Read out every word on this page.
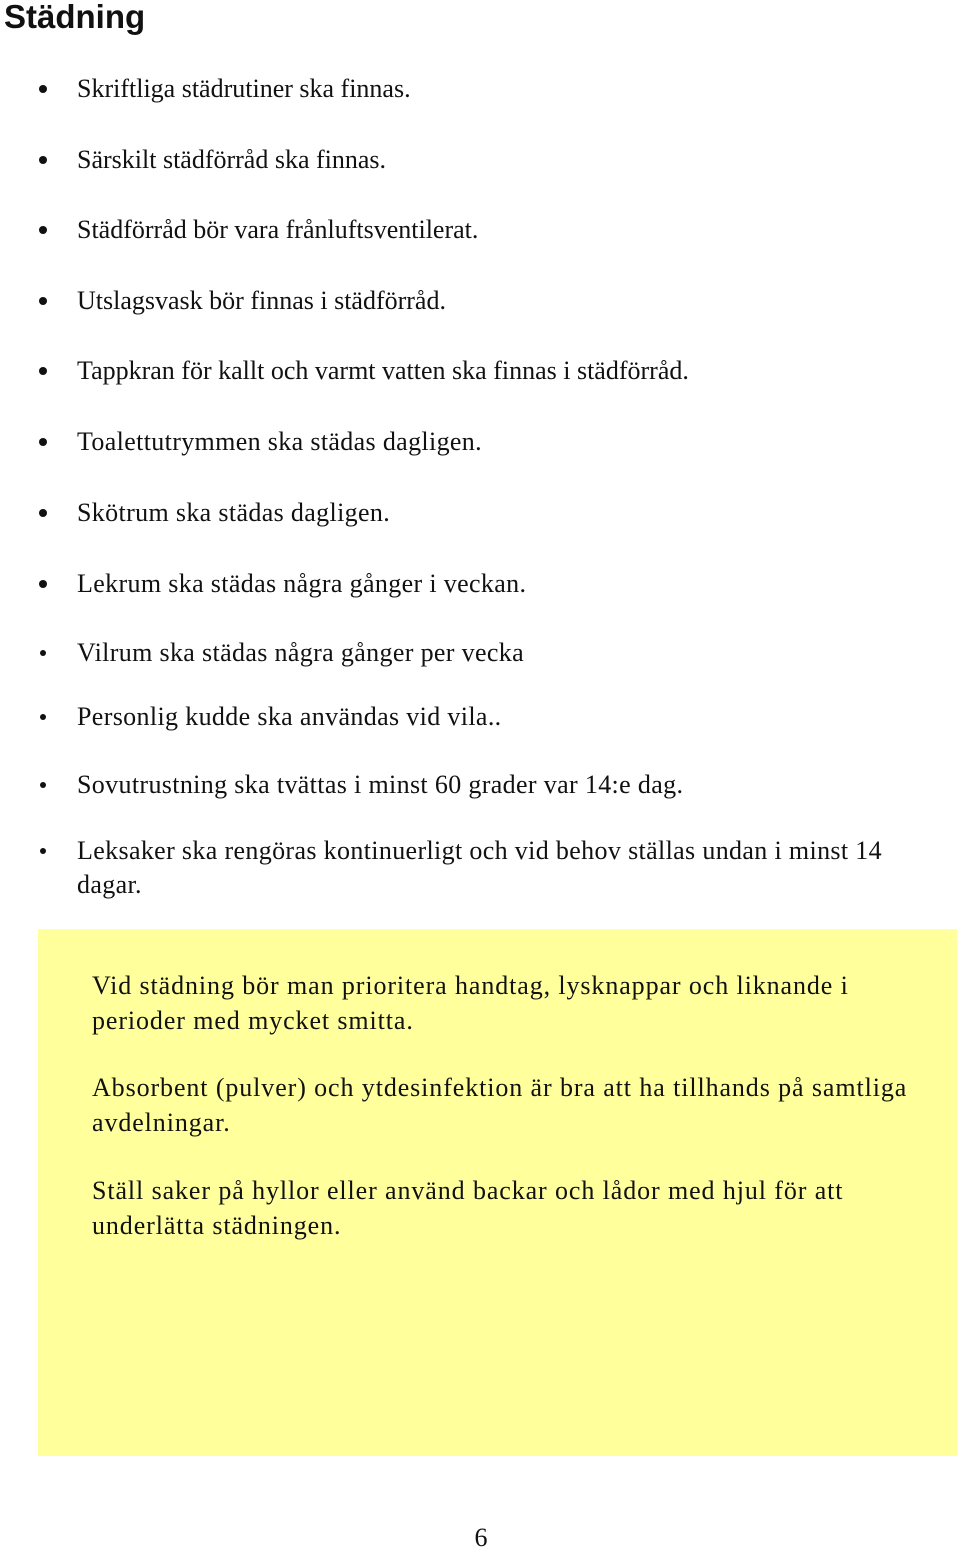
Städning
Skriftliga städrutiner ska finnas.
Särskilt städförråd ska finnas.
Städförråd bör vara frånluftsventilerat.
Utslagsvask bör finnas i städförråd.
Tappkran för kallt och varmt vatten ska finnas i städförråd.
Toalettutrymmen ska städas dagligen.
Skötrum ska städas dagligen.
Lekrum ska städas några gånger i veckan.
Vilrum ska städas några gånger per vecka
Personlig kudde ska användas vid vila..
Sovutrustning ska tvättas i minst 60 grader var 14:e dag.
Leksaker ska rengöras kontinuerligt och vid behov ställas undan i minst 14 dagar.

Vid städning bör man prioritera handtag, lysknappar och liknande i perioder med mycket smitta.

Absorbent (pulver) och ytdesinfektion är bra att ha tillhands på samtliga avdelningar.

Ställ saker på hyllor eller använd backar och lådor med hjul för att underlätta städningen.

6
